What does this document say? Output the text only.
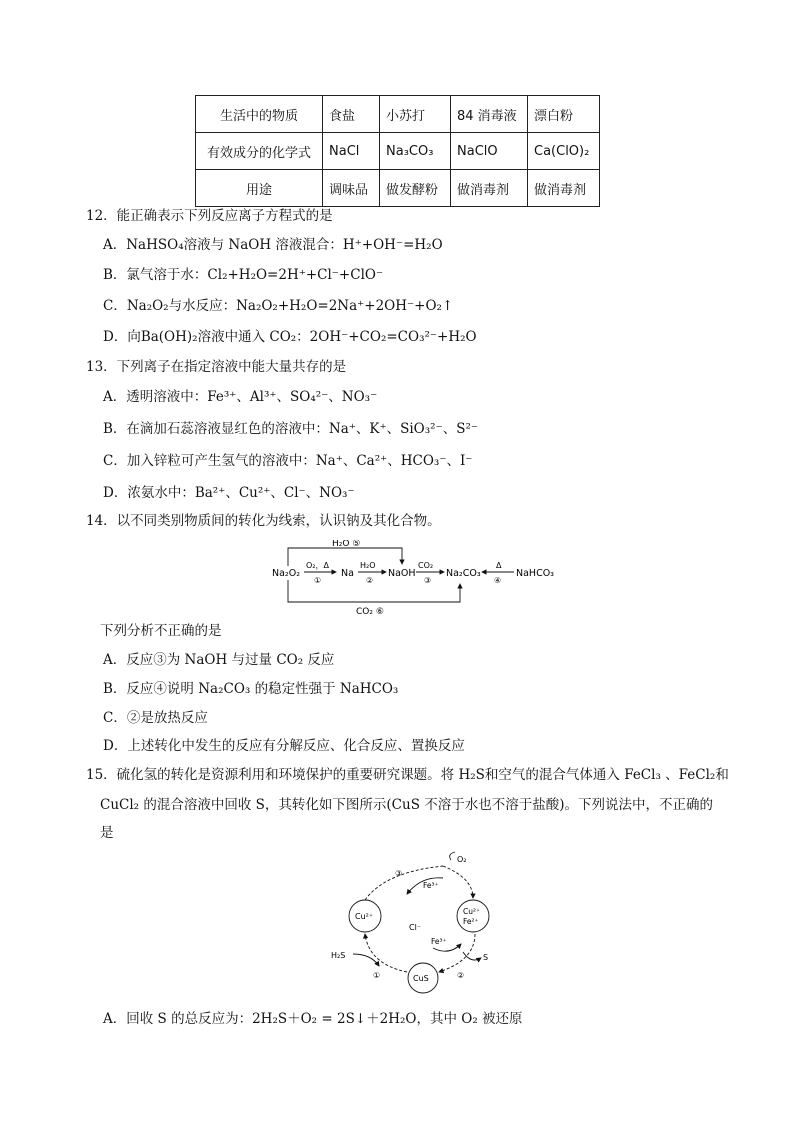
生活中的物质	食盐	小苏打	84 消毒液	漂白粉
有效成分的化学式	NaCl	Na₃CO₃	NaClO	Ca(ClO)₂
用途	调味品	做发酵粉	做消毒剂	做消毒剂
12．能正确表示下列反应离子方程式的是
A．NaHSO₄溶液与 NaOH 溶液混合：H⁺+OH⁻=H₂O
B．氯气溶于水：Cl₂+H₂O=2H⁺+Cl⁻+ClO⁻
C．Na₂O₂与水反应：Na₂O₂+H₂O=2Na⁺+2OH⁻+O₂↑
D．向Ba(OH)₂溶液中通入 CO₂：2OH⁻+CO₂=CO₃²⁻+H₂O
13．下列离子在指定溶液中能大量共存的是
A．透明溶液中：Fe³⁺、Al³⁺、SO₄²⁻、NO₃⁻
B．在滴加石蕊溶液显红色的溶液中：Na⁺、K⁺、SiO₃²⁻、S²⁻
C．加入锌粒可产生氢气的溶液中：Na⁺、Ca²⁺、HCO₃⁻、I⁻
D．浓氨水中：Ba²⁺、Cu²⁺、Cl⁻、NO₃⁻
14．以不同类别物质间的转化为线索，认识钠及其化合物。
H₂O ⑤
CO₂ ⑥
Na₂O₂
O₂，Δ
①
Na
H₂O
②
NaOH
CO₂
③
Na₂CO₃
Δ
④
NaHCO₃
下列分析不正确的是
A．反应③为 NaOH 与过量 CO₂ 反应
B．反应④说明 Na₂CO₃ 的稳定性强于 NaHCO₃
C．②是放热反应
D．上述转化中发生的反应有分解反应、化合反应、置换反应
15．硫化氢的转化是资源利用和环境保护的重要研究课题。将 H₂S和空气的混合气体通入 FeCl₃ 、FeCl₂和
CuCl₂ 的混合溶液中回收 S，其转化如下图所示(CuS 不溶于水也不溶于盐酸)。下列说法中，不正确的
是
Cu²⁺
Cu²⁺
Fe²⁺
CuS
O₂
S
H₂S
Fe³⁺
Fe³⁺
Cl⁻
①	②
③
A．回收 S 的总反应为：2H₂S＋O₂ = 2S↓＋2H₂O，其中 O₂ 被还原
